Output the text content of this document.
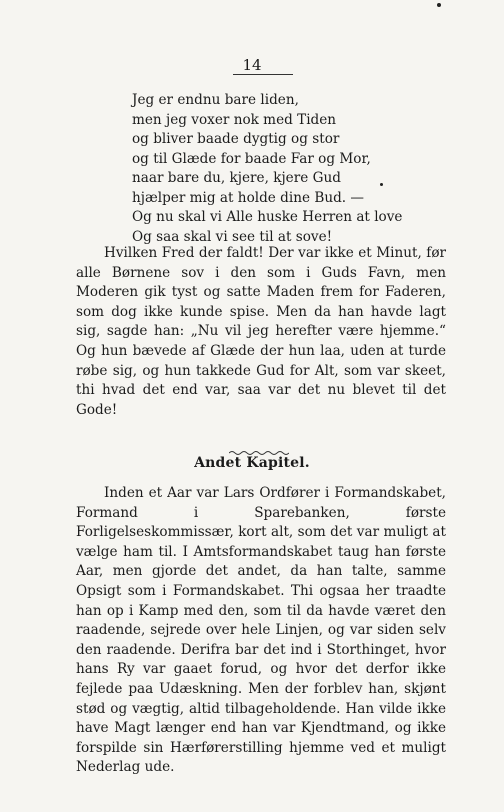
14
Jeg er endnu bare liden,
men jeg voxer nok med Tiden
og bliver baade dygtig og stor
og til Glæde for baade Far og Mor,
naar bare du, kjere, kjere Gud
hjælper mig at holde dine Bud. —
Og nu skal vi Alle huske Herren at love
Og saa skal vi see til at sove!

Hvilken Fred der faldt! Der var ikke et Minut, før alle Børnene sov i den som i Guds Favn, men Moderen gik tyst og satte Maden frem for Faderen, som dog ikke kunde spise. Men da han havde lagt sig, sagde han: „Nu vil jeg herefter være hjemme.“ Og hun bævede af Glæde der hun laa, uden at turde røbe sig, og hun takkede Gud for Alt, som var skeet, thi hvad det end var, saa var det nu blevet til det Gode!

Andet Kapitel.

Inden et Aar var Lars Ordfører i Formandskabet, Formand i Sparebanken, første Forligelseskommissær, kort alt, som det var muligt at vælge ham til. I Amtsformandskabet taug han første Aar, men gjorde det andet, da han talte, samme Opsigt som i Formandskabet. Thi ogsaa her traadte han op i Kamp med den, som til da havde været den raadende, sejrede over hele Linjen, og var siden selv den raadende. Derifra bar det ind i Storthinget, hvor hans Ry var gaaet forud, og hvor det derfor ikke fejlede paa Udæskning. Men der forblev han, skjønt stød og vægtig, altid tilbageholdende. Han vilde ikke have Magt længer end han var Kjendtmand, og ikke forspilde sin Hærførerstilling hjemme ved et muligt Nederlag ude.
